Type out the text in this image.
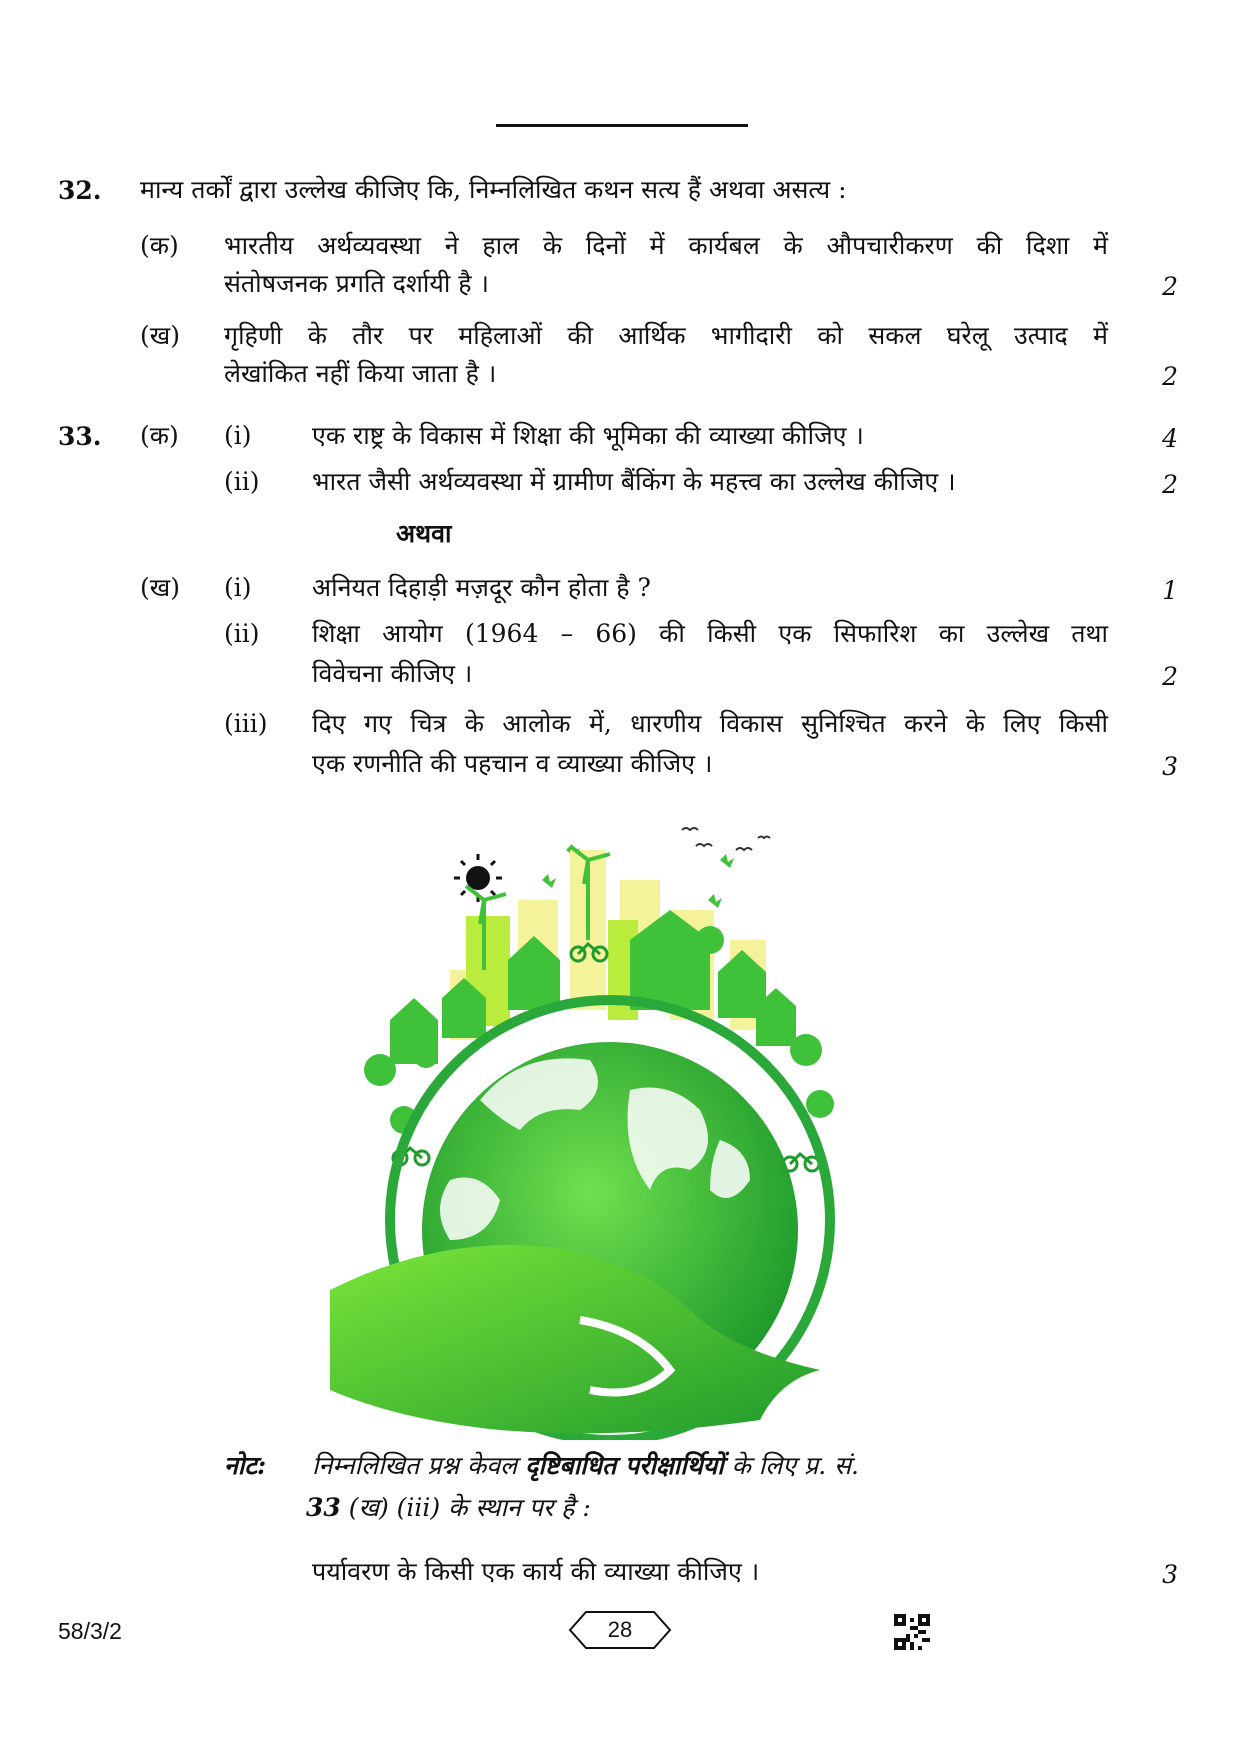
32. मान्य तर्कों द्वारा उल्लेख कीजिए कि, निम्नलिखित कथन सत्य हैं अथवा असत्य :
(क) भारतीय अर्थव्यवस्था ने हाल के दिनों में कार्यबल के औपचारीकरण की दिशा में
संतोषजनक प्रगति दर्शायी है ।	2
(ख) गृहिणी के तौर पर महिलाओं की आर्थिक भागीदारी को सकल घरेलू उत्पाद में
लेखांकित नहीं किया जाता है ।	2
33. (क) (i) एक राष्ट्र के विकास में शिक्षा की भूमिका की व्याख्या कीजिए ।	4
(ii) भारत जैसी अर्थव्यवस्था में ग्रामीण बैंकिंग के महत्त्व का उल्लेख कीजिए ।	2
अथवा
(ख) (i) अनियत दिहाड़ी मज़दूर कौन होता है ?	1
(ii) शिक्षा आयोग (1964 – 66) की किसी एक सिफारिश का उल्लेख तथा
विवेचना कीजिए ।	2
(iii) दिए गए चित्र के आलोक में, धारणीय विकास सुनिश्चित करने के लिए किसी
एक रणनीति की पहचान व व्याख्या कीजिए ।	3
नोट: निम्नलिखित प्रश्न केवल दृष्टिबाधित परीक्षार्थियों के लिए प्र. सं.
33 (ख) (iii) के स्थान पर है :
पर्यावरण के किसी एक कार्य की व्याख्या कीजिए ।	3
58/3/2	28
